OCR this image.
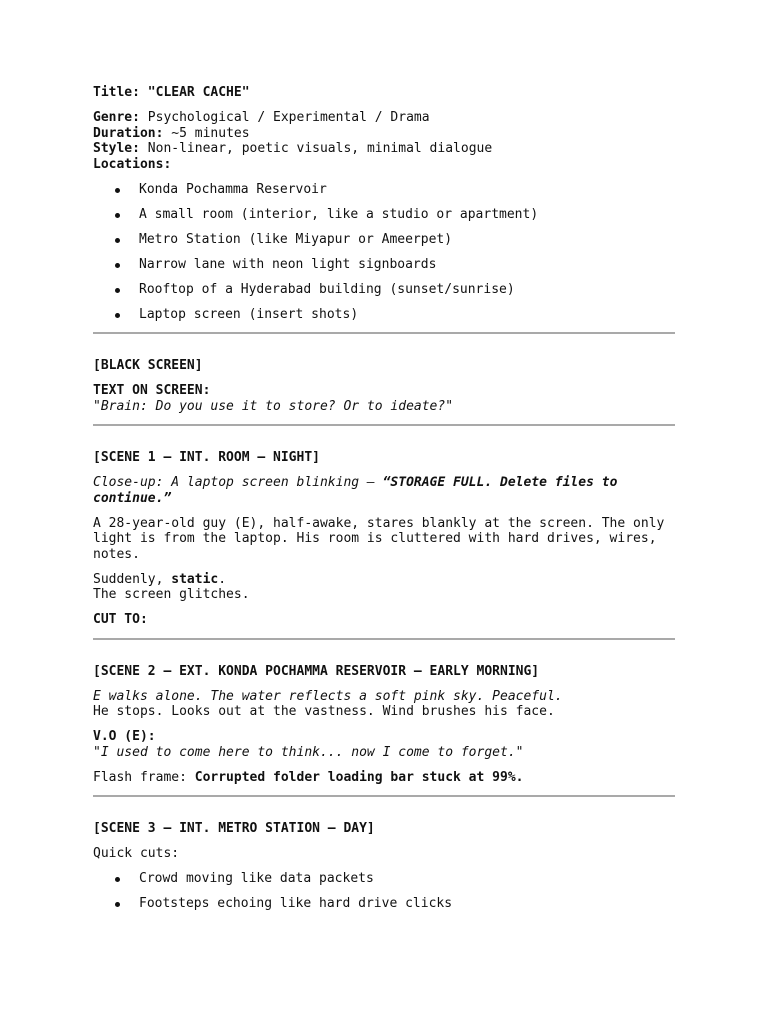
Title: "CLEAR CACHE"
Genre: Psychological / Experimental / Drama
Duration: ~5 minutes
Style: Non-linear, poetic visuals, minimal dialogue
Locations:
Konda Pochamma Reservoir
A small room (interior, like a studio or apartment)
Metro Station (like Miyapur or Ameerpet)
Narrow lane with neon light signboards
Rooftop of a Hyderabad building (sunset/sunrise)
Laptop screen (insert shots)
[BLACK SCREEN]
TEXT ON SCREEN:
"Brain: Do you use it to store? Or to ideate?"
[SCENE 1 – INT. ROOM – NIGHT]
Close-up: A laptop screen blinking – “STORAGE FULL. Delete files to continue.”
A 28-year-old guy (E), half-awake, stares blankly at the screen. The only light is from the laptop. His room is cluttered with hard drives, wires, notes.
Suddenly, static.
The screen glitches.
CUT TO:
[SCENE 2 – EXT. KONDA POCHAMMA RESERVOIR – EARLY MORNING]
E walks alone. The water reflects a soft pink sky. Peaceful.
He stops. Looks out at the vastness. Wind brushes his face.
V.O (E):
"I used to come here to think... now I come to forget."
Flash frame: Corrupted folder loading bar stuck at 99%.
[SCENE 3 – INT. METRO STATION – DAY]
Quick cuts:
Crowd moving like data packets
Footsteps echoing like hard drive clicks
